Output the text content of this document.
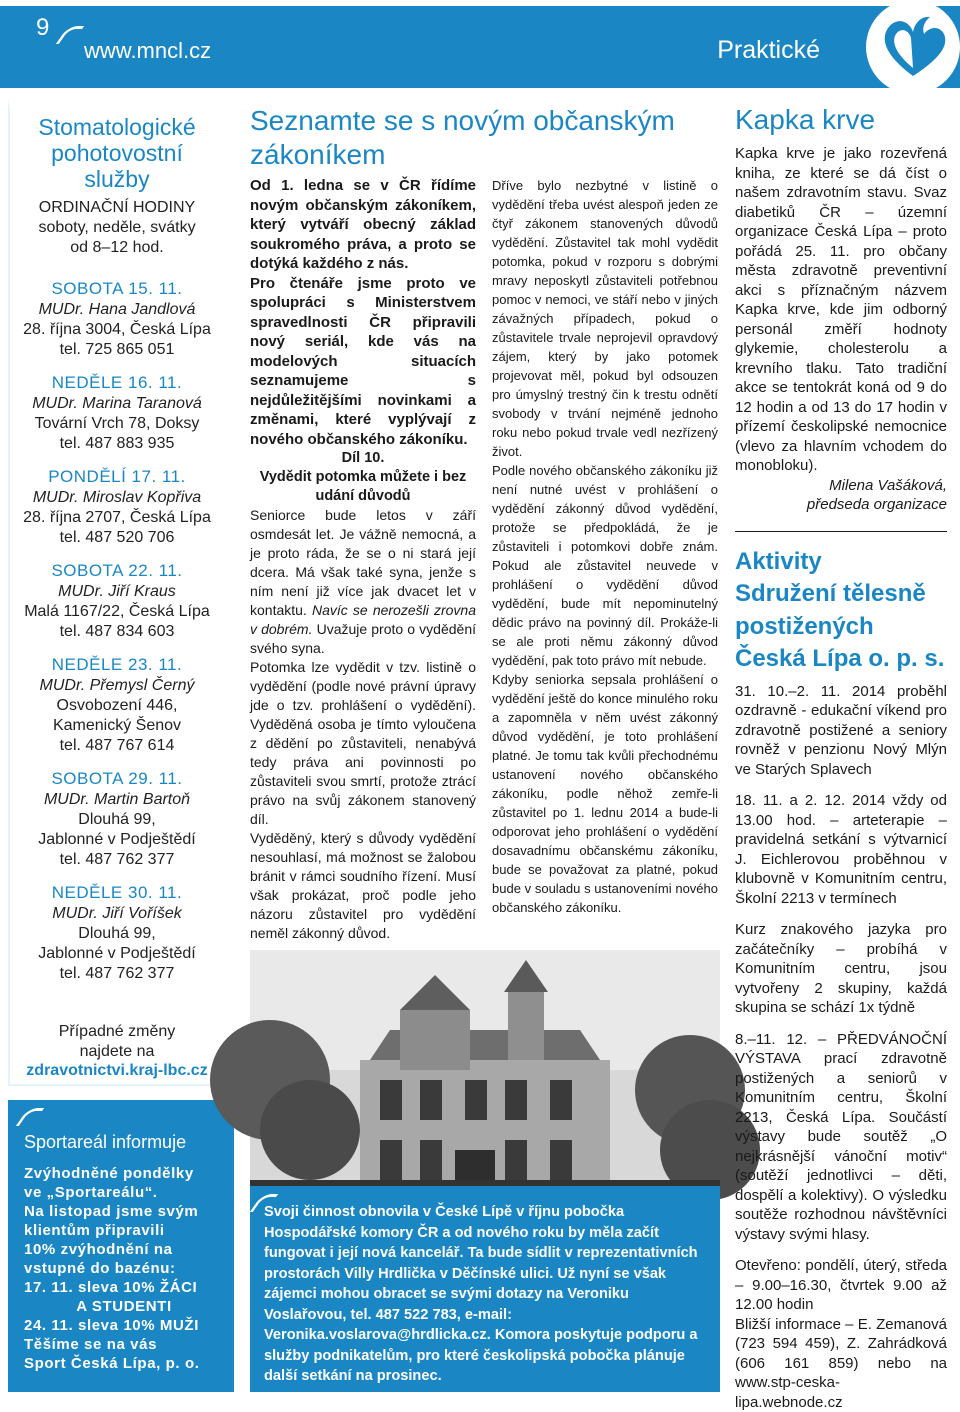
9
www.mncl.cz	Praktické
Stomatologické
pohotovostní
služby
ORDINAČNÍ HODINY
soboty, neděle, svátky
od 8–12 hod.
SOBOTA 15. 11.
MUDr. Hana Jandlová
28. října 3004, Česká Lípa
tel. 725 865 051
NEDĚLE 16. 11.
MUDr. Marina Taranová
Tovární Vrch 78, Doksy
tel. 487 883 935
PONDĚLÍ 17. 11.
MUDr. Miroslav Kopřiva
28. října 2707, Česká Lípa
tel. 487 520 706
SOBOTA 22. 11.
MUDr. Jiří Kraus
Malá 1167/22, Česká Lípa
tel. 487 834 603
NEDĚLE 23. 11.
MUDr. Přemysl Černý
Osvobození 446,
Kamenický Šenov
tel. 487 767 614
SOBOTA 29. 11.
MUDr. Martin Bartoň
Dlouhá 99,
Jablonné v Podještědí
tel. 487 762 377
NEDĚLE 30. 11.
MUDr. Jiří Voříšek
Dlouhá 99,
Jablonné v Podještědí
tel. 487 762 377
Případné změny
najdete na
zdravotnictvi.kraj-lbc.cz
Sportareál informuje
Zvýhodněné pondělky
ve „Sportareálu“.
Na listopad jsme svým
klientům připravili
10% zvýhodnění na
vstupné do bazénu:
17. 11. sleva 10% ŽÁCI
A STUDENTI
24. 11. sleva 10% MUŽI
Těšíme se na vás
Sport Česká Lípa, p. o.
Seznamte se s novým občanským zákoníkem

Od 1. ledna se v ČR řídíme novým občanským zákoníkem, který vytváří obecný základ soukromého práva, a proto se dotýká každého z nás.

Pro čtenáře jsme proto ve spolupráci s Ministerstvem spravedlnosti ČR připravili nový seriál, kde vás na modelových situacích seznamujeme s nejdůležitějšími novinkami a změnami, které vyplývají z nového občanského zákoníku.

Díl 10.

Vydědit potomka můžete i bez udání důvodů

Seniorce bude letos v září osmdesát let. Je vážně nemocná, a je proto ráda, že se o ni stará její dcera. Má však také syna, jenže s ním není již více jak dvacet let v kontaktu. Navíc se nerozešli zrovna v dobrém. Uvažuje proto o vydědění svého syna.

Potomka lze vydědit v tzv. listině o vydědění (podle nové právní úpravy jde o tzv. prohlášení o vydědění). Vyděděná osoba je tímto vyloučena z dědění po zůstaviteli, nenabývá tedy práva ani povinnosti po zůstaviteli svou smrtí, protože ztrácí právo na svůj zákonem stanovený díl.

Vyděděný, který s důvody vydědění nesouhlasí, má možnost se žalobou bránit v rámci soudního řízení. Musí však prokázat, proč podle jeho názoru zůstavitel pro vydědění neměl zákonný důvod.

Dříve bylo nezbytné v listině o vydědění třeba uvést alespoň jeden ze čtyř zákonem stanovených důvodů vydědění. Zůstavitel tak mohl vydědit potomka, pokud v rozporu s dobrými mravy neposkytl zůstaviteli potřebnou pomoc v nemoci, ve stáří nebo v jiných závažných případech, pokud o zůstavitele trvale neprojevil opravdový zájem, který by jako potomek projevovat měl, pokud byl odsouzen pro úmyslný trestný čin k trestu odnětí svobody v trvání nejméně jednoho roku nebo pokud trvale vedl nezřízený život.

Podle nového občanského zákoníku již není nutné uvést v prohlášení o vydědění zákonný důvod vydědění, protože se předpokládá, že je zůstaviteli i potomkovi dobře znám. Pokud ale zůstavitel neuvede v prohlášení o vydědění důvod vydědění, bude mít nepominutelný dědic právo na povinný díl. Prokáže-li se ale proti němu zákonný důvod vydědění, pak toto právo mít nebude.

Kdyby seniorka sepsala prohlášení o vydědění ještě do konce minulého roku a zapomněla v něm uvést zákonný důvod vydědění, je toto prohlášení platné. Je tomu tak kvůli přechodnému ustanovení nového občanského zákoníku, podle něhož zemře-li zůstavitel po 1. lednu 2014 a bude-li odporovat jeho prohlášení o vydědění dosavadnímu občanskému zákoníku, bude se považovat za platné, pokud bude v souladu s ustanoveními nového občanského zákoníku.

Svoji činnost obnovila v České Lípě v říjnu pobočka Hospodářské komory ČR a od nového roku by měla začít fungovat i její nová kancelář. Ta bude sídlit v reprezentativních prostorách Villy Hrdlička v Děčínské ulici. Už nyní se však zájemci mohou obracet se svými dotazy na Veroniku Voslařovou, tel. 487 522 783, e-mail: Veronika.voslarova@hrdlicka.cz. Komora poskytuje podporu a služby podnikatelům, pro které českolipská pobočka plánuje další setkání na prosinec.
Kapka krve
Kapka krve je jako rozevřená kniha, ze které se dá číst o našem zdravotním stavu. Svaz diabetiků ČR – územní organizace Česká Lípa – proto pořádá 25. 11. pro občany města zdravotně preventivní akci s příznačným názvem Kapka krve, kde jim odborný personál změří hodnoty glykemie, cholesterolu a krevního tlaku. Tato tradiční akce se tentokrát koná od 9 do 12 hodin a od 13 do 17 hodin v přízemí českolipské nemocnice (vlevo za hlavním vchodem do monobloku).
Milena Vašáková,
předseda organizace
Aktivity
Sdružení tělesně
postižených
Česká Lípa o. p. s.
31. 10.–2. 11. 2014 proběhl ozdravně - edukační víkend pro zdravotně postižené a seniory rovněž v penzionu Nový Mlýn ve Starých Splavech
18. 11. a 2. 12. 2014 vždy od 13.00 hod. – arteterapie – pravidelná setkání s výtvarnicí J. Eichlerovou proběhnou v klubovně v Komunitním centru, Školní 2213 v termínech
Kurz znakového jazyka pro začátečníky – probíhá v Komunitním centru, jsou vytvořeny 2 skupiny, každá skupina se schází 1x týdně
8.–11. 12. – PŘEDVÁNOČNÍ VÝSTAVA prací zdravotně postižených a seniorů v Komunitním centru, Školní 2213, Česká Lípa. Součástí výstavy bude soutěž „O nejkrásnější vánoční motiv“ (soutěží jednotlivci – děti, dospělí a kolektivy). O výsledku soutěže rozhodnou návštěvníci výstavy svými hlasy.
Otevřeno: pondělí, úterý, středa – 9.00–16.30, čtvrtek 9.00 až 12.00 hodin
Bližší informace – E. Zemanová (723 594 459), Z. Zahrádková (606 161 859) nebo na www.stp-ceska-lipa.webnode.cz
